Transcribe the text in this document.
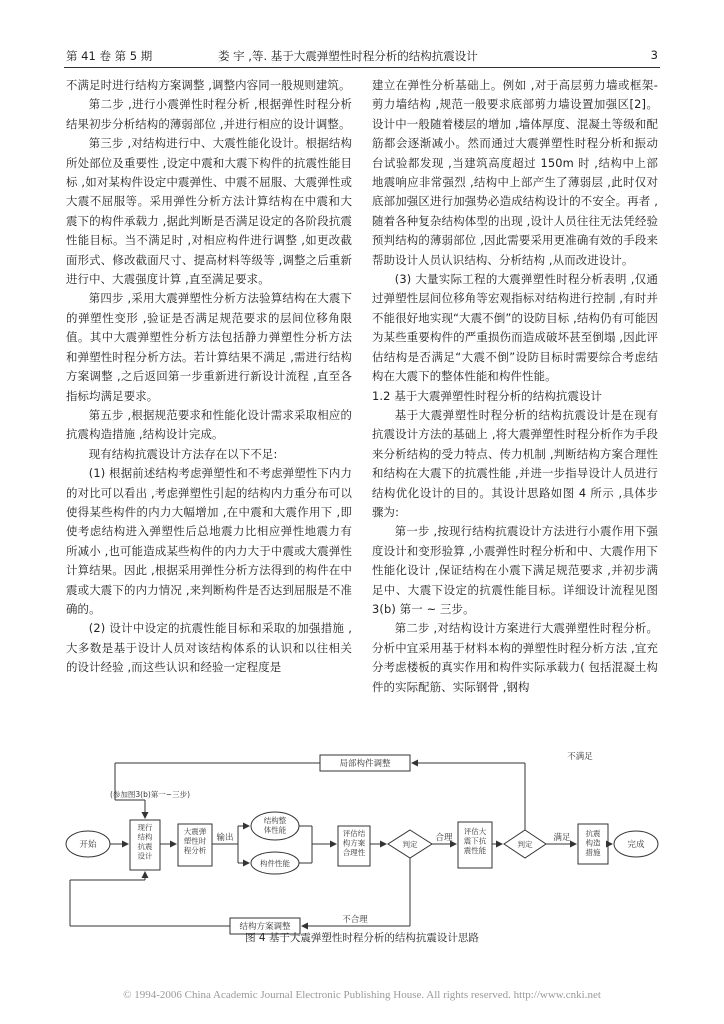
第 41 卷 第 5 期	娄 宇 ,等. 基于大震弹塑性时程分析的结构抗震设计	3

不满足时进行结构方案调整 ,调整内容同一般规则建筑。

第二步 ,进行小震弹性时程分析 ,根据弹性时程分析结果初步分析结构的薄弱部位 ,并进行相应的设计调整。

第三步 ,对结构进行中、大震性能化设计。根据结构所处部位及重要性 ,设定中震和大震下构件的抗震性能目标 ,如对某构件设定中震弹性、中震不屈服、大震弹性或大震不屈服等。采用弹性分析方法计算结构在中震和大震下的构件承载力 ,据此判断是否满足设定的各阶段抗震性能目标。当不满足时 ,对相应构件进行调整 ,如更改截面形式、修改截面尺寸、提高材料等级等 ,调整之后重新进行中、大震强度计算 ,直至满足要求。

第四步 ,采用大震弹塑性分析方法验算结构在大震下的弹塑性变形 ,验证是否满足规范要求的层间位移角限值。其中大震弹塑性分析方法包括静力弹塑性分析方法和弹塑性时程分析方法。若计算结果不满足 ,需进行结构方案调整 ,之后返回第一步重新进行新设计流程 ,直至各指标均满足要求。

第五步 ,根据规范要求和性能化设计需求采取相应的抗震构造措施 ,结构设计完成。

现有结构抗震设计方法存在以下不足:

(1) 根据前述结构考虑弹塑性和不考虑弹塑性下内力的对比可以看出 ,考虑弹塑性引起的结构内力重分布可以使得某些构件的内力大幅增加 ,在中震和大震作用下 ,即使考虑结构进入弹塑性后总地震力比相应弹性地震力有所减小 ,也可能造成某些构件的内力大于中震或大震弹性计算结果。因此 ,根据采用弹性分析方法得到的构件在中震或大震下的内力情况 ,来判断构件是否达到屈服是不准确的。

(2) 设计中设定的抗震性能目标和采取的加强措施 ,大多数是基于设计人员对该结构体系的认识和以往相关的设计经验 ,而这些认识和经验一定程度是

建立在弹性分析基础上。例如 ,对于高层剪力墙或框架-剪力墙结构 ,规范一般要求底部剪力墙设置加强区[2]。设计中一般随着楼层的增加 ,墙体厚度、混凝土等级和配筋都会逐渐减小。然而通过大震弹塑性时程分析和振动台试验都发现 ,当建筑高度超过 150m 时 ,结构中上部地震响应非常强烈 ,结构中上部产生了薄弱层 ,此时仅对底部加强区进行加强势必造成结构设计的不安全。再者 ,随着各种复杂结构体型的出现 ,设计人员往往无法凭经验预判结构的薄弱部位 ,因此需要采用更准确有效的手段来帮助设计人员认识结构、分析结构 ,从而改进设计。

(3) 大量实际工程的大震弹塑性时程分析表明 ,仅通过弹塑性层间位移角等宏观指标对结构进行控制 ,有时并不能很好地实现“大震不倒”的设防目标 ,结构仍有可能因为某些重要构件的严重损伤而造成破坏甚至倒塌 ,因此评估结构是否满足“大震不倒”设防目标时需要综合考虑结构在大震下的整体性能和构件性能。

1.2 基于大震弹塑性时程分析的结构抗震设计

基于大震弹塑性时程分析的结构抗震设计是在现有抗震设计方法的基础上 ,将大震弹塑性时程分析作为手段来分析结构的受力特点、传力机制 ,判断结构方案合理性和结构在大震下的抗震性能 ,并进一步指导设计人员进行结构优化设计的目的。其设计思路如图 4 所示 ,具体步骤为:

第一步 ,按现行结构抗震设计方法进行小震作用下强度设计和变形验算 ,小震弹性时程分析和中、大震作用下性能化设计 ,保证结构在小震下满足规范要求 ,并初步满足中、大震下设定的抗震性能目标。详细设计流程见图 3(b) 第一 ~ 三步。

第二步 ,对结构设计方案进行大震弹塑性时程分析。分析中宜采用基于材料本构的弹塑性时程分析方法 ,宜充分考虑楼板的真实作用和构件实际承载力( 包括混凝土构件的实际配筋、实际钢骨 ,钢构

开始	完成
局部构件调整
结构方案调整
(参加图3(b)第一~三步)
输出
判定	判定
合理
不合理
满足
不满足
现行结构抗震设计
大震弹塑性时程分析
结构整体性能
构件性能
评估结构方案合理性
评估大震下抗震性能
抗震构造措施
图 4 基于大震弹塑性时程分析的结构抗震设计思路
© 1994-2006 China Academic Journal Electronic Publishing House. All rights reserved. http://www.cnki.net
